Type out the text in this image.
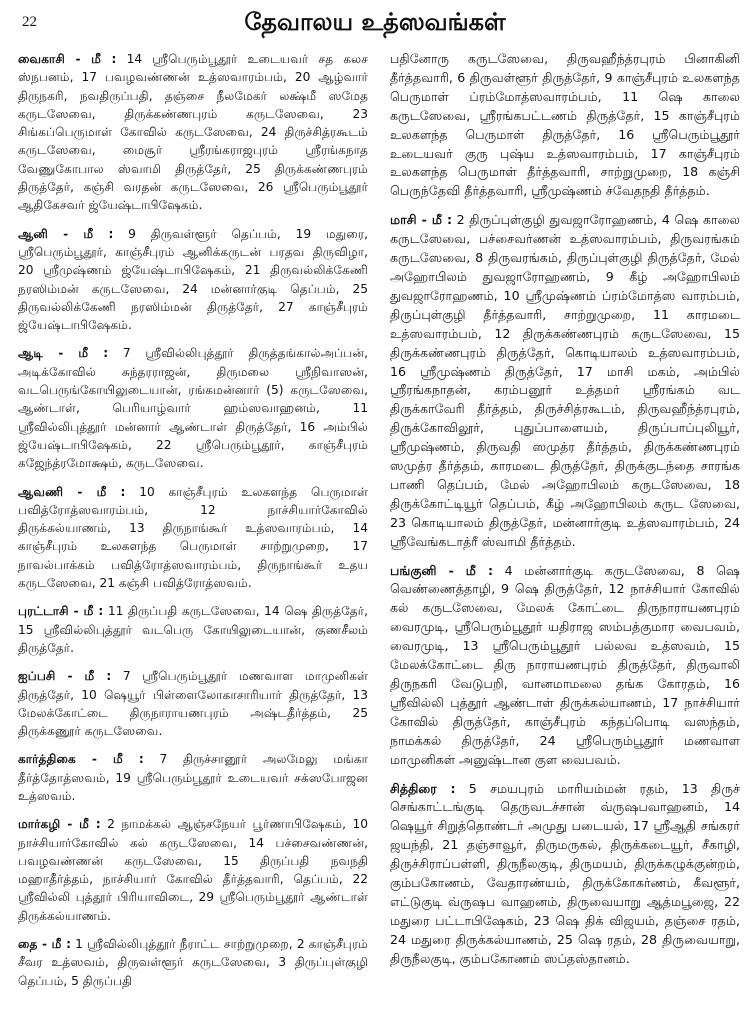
22	தேவாலய உத்ஸவங்கள்

வைகாசி - மீ : 14 ஸ்ரீபெரும்பூதூர் உடையவர் சத கலச ஸ்நபனம், 17 பவழவண்ணன் உத்ஸவாரம்பம், 20 ஆழ்வார் திருநகரி, நவதிருப்பதி, தஞ்சை நீலமேகர் லக்ஷ்மீ ஸமேத கருடஸேவை, திருக்கண்ணபுரம் கருடஸேவை, 23 சிங்கப்பெருமாள் கோவில் கருடஸேவை, 24 திருச்சித்ரகூடம் கருடஸேவை, மைசூர் ஸ்ரீரங்கராஜபுரம் ஸ்ரீரங்கநாத வேணுகோபால ஸ்வாமி திருத்தேர், 25 திருக்கண்ணபுரம் திருத்தேர், கஞ்சி வரதன் கருடஸேவை, 26 ஸ்ரீபெரும்பூதூர் ஆதிகேசவர் ஜ்யேஷ்டாபிஷேகம்.

ஆனி - மீ : 9 திருவள்ளூர் தெப்பம், 19 மதுரை, ஸ்ரீபெரும்பூதூர், காஞ்சீபுரம் ஆனிக்கருடன் பரதவ திருவிழா, 20 ஸ்ரீமுஷ்ணம் ஜ்யேஷ்டாபிஷேகம், 21 திருவல்லிக்கேணி நரஸிம்மன் கருடஸேவை, 24 மன்னார்குடி தெப்பம், 25 திருவல்லிக்கேணி நரஸிம்மன் திருத்தேர், 27 காஞ்சீபுரம் ஜ்யேஷ்டாபிஷேகம்.

ஆடி - மீ : 7 ஸ்ரீவில்லிபுத்தூர் திருத்தங்கால்அப்பன், அடிக்கோவில் சுந்தரராஜன், திருமலை ஸ்ரீநிவாஸன், வடபெருங்கோயிலுடையான், ரங்கமன்னார் (5) கருடஸேவை, ஆண்டாள், பெரியாழ்வார் ஹம்ஸவாஹனம், 11 ஸ்ரீவில்லிபுத்தூர் மன்னார் ஆண்டாள் திருத்தேர், 16 அம்பில் ஜ்யேஷ்டாபிஷேகம், 22 ஸ்ரீபெரும்பூதூர், காஞ்சீபுரம் கஜேந்த்ரமோக்ஷம், கருடஸேவை.

ஆவணி - மீ : 10 காஞ்சீபுரம் உலகளந்த பெருமாள் பவித்ரோத்ஸவாரம்பம், 12 நாச்சியார்கோவில் திருக்கல்யாணம், 13 திருநாங்கூர் உத்ஸவாரம்பம், 14 காஞ்சீபுரம் உலகளந்த பெருமாள் சாற்றுமுறை, 17 நாவல்பாக்கம் பவித்ரோத்ஸவாரம்பம், திருநாங்கூர் உதய கருடஸேவை, 21 கஞ்சி பவித்ரோத்ஸவம்.

புரட்டாசி - மீ : 11 திருப்பதி கருடஸேவை, 14 ஷெ திருத்தேர், 15 ஸ்ரீவில்லிபுத்தூர் வடபெரு கோயிலுடையான், குணசீலம் திருத்தேர்.

ஐப்பசி - மீ : 7 ஸ்ரீபெரும்பூதூர் மணவாள மாமுனிகள் திருத்தேர், 10 ஷெயூர் பிள்ளைலோகாசாரியார் திருத்தேர், 13 மேலக்கோட்டை திருநாராயணபுரம் அஷ்டதீர்த்தம், 25 திருக்கணூர் கருடஸேவை.

கார்த்திகை - மீ : 7 திருச்சானூர் அலமேலு மங்கா தீர்த்தோத்ஸவம், 19 ஸ்ரீபெரும்பூதூர் உடையவர் சக்ஸபோஜன உத்ஸவம்.

மார்கழி - மீ : 2 நாமக்கல் ஆஞ்சநேயர் பூர்ணாபிஷேகம், 10 நாச்சியார்கோவில் கல் கருடஸேவை, 14 பச்சைவண்ணன், பவழவண்ணன் கருடஸேவை, 15 திருப்பதி நவநதி மஹாதீர்த்தம், நாச்சியார் கோவில் தீர்த்தவாரி, தெப்பம், 22 ஸ்ரீவில்லி புத்தூர் பிரியாவிடை, 29 ஸ்ரீபெரும்பூதூர் ஆண்டாள் திருக்கல்யாணம்.

தை - மீ : 1 ஸ்ரீவில்லிபுத்தூர் நீராட்ட சாற்றுமுறை, 2 காஞ்சீபுரம் சீவர உத்ஸவம், திருவள்ளூர் கருடஸேவை, 3 திருப்புள்குழி தெப்பம், 5 திருப்பதி

பதினோரு கருடஸேவை, திருவஹீந்த்ரபுரம் பினாகினி தீர்த்தவாரி, 6 திருவள்ளூர் திருத்தேர், 9 காஞ்சீபுரம் உலகளந்த பெருமாள் ப்ரம்மோத்ஸவாரம்பம், 11 ஷெ காலை கருடஸேவை, ஸ்ரீரங்கபட்டணம் திருத்தேர், 15 காஞ்சீபுரம் உலகளந்த பெருமாள் திருத்தேர், 16 ஸ்ரீபெரும்பூதூர் உடையவர் குரு புஷ்ய உத்ஸவாரம்பம், 17 காஞ்சீபுரம் உலகளந்த பெருமாள் தீர்த்தவாரி, சாற்றுமுறை, 18 கஞ்சி பெருந்தேவி தீர்த்தவாரி, ஸ்ரீமுஷ்ணம் ச்வேதநதி தீர்த்தம்.

மாசி - மீ : 2 திருப்புள்குழி துவஜாரோஹணம், 4 ஷெ காலை கருடஸேவை, பச்சைவர்ணன் உத்ஸவாரம்பம், திருவரங்கம் கருடஸேவை, 8 திருவரங்கம், திருப்புள்குழி திருத்தேர், மேல் அஹோபிலம் துவஜாரோஹணம், 9 கீழ் அஹோபிலம் துவஜாரோஹணம், 10 ஸ்ரீமுஷ்ணம் ப்ரம்மோத்ஸ வாரம்பம், திருப்புள்குழி தீர்த்தவாரி, சாற்றுமுறை, 11 காரமடை உத்ஸவாரம்பம், 12 திருக்கண்ணபுரம் கருடஸேவை, 15 திருக்கண்ணபுரம் திருத்தேர், கொடியாலம் உத்ஸவாரம்பம், 16 ஸ்ரீமுஷ்ணம் திருத்தேர், 17 மாசி மகம், அம்பில் ஸ்ரீரங்கநாதன், கரம்பனூர் உத்தமர் ஸ்ரீரங்கம் வட திருக்காவேரி தீர்த்தம், திருச்சித்ரகூடம், திருவஹீந்த்ரபுரம், திருக்கோவிலூர், புதுப்பாளையம், திருப்பாப்புலியூர், ஸ்ரீமுஷ்ணம், திருவதி ஸமுத்ர தீர்த்தம், திருக்கண்ணபுரம் ஸமுத்ர தீர்த்தம், காரமடை திருத்தேர், திருக்குடந்தை சாரங்க பாணி தெப்பம், மேல் அஹோபிலம் கருடஸேவை, 18 திருக்கோட்டியூர் தெப்பம், கீழ் அஹோபிலம் கருட ஸேவை, 23 கொடியாலம் திருத்தேர், மன்னார்குடி உத்ஸவாரம்பம், 24 ஸ்ரீவேங்கடாத்ரீ ஸ்வாமி தீர்த்தம்.

பங்குனி - மீ : 4 மன்னார்குடி கருடஸேவை, 8 ஷெ வெண்ணைத்தாழி, 9 ஷெ திருத்தேர், 12 நாச்சியார் கோவில் கல் கருடஸேவை, மேலக் கோட்டை திருநாராயணபுரம் வைரமுடி, ஸ்ரீபெரும்பூதூர் யதிராஜ ஸம்பத்குமார வைபவம், வைரமுடி, 13 ஸ்ரீபெரும்பூதூர் பல்லவ உத்ஸவம், 15 மேலக்கோட்டை திரு நாராயணபுரம் திருத்தேர், திருவாலி திருநகரி வேடுபறி, வானமாமலை தங்க கோரதம், 16 ஸ்ரீவில்லி புத்தூர் ஆண்டாள் திருக்கல்யாணம், 17 நாச்சியார் கோவில் திருத்தேர், காஞ்சீபுரம் கந்தப்பொடி வஸந்தம், நாமக்கல் திருத்தேர், 24 ஸ்ரீபெரும்பூதூர் மணவாள மாமுனிகள் அனுஷ்டான குள வைபவம்.

சித்திரை : 5 சமயபுரம் மாரியம்மன் ரதம், 13 திருச் செங்காட்டங்குடி தெருவடச்சான் வ்ருஷபவாஹனம், 14 ஷெயூர் சிறுத்தொண்டர் அமுது படையல், 17 ஸ்ரீஆதி சங்கரர் ஜயந்தி, 21 தஞ்சாவூர், திருமருகல், திருக்கடையூர், சீகாழி, திருச்சிராப்பள்ளி, திருநீலகுடி, திருமயம், திருக்கழுக்குன்றம், கும்பகோணம், வேதாரண்யம், திருக்கோகர்ணம், கீவளூர், எட்டுகுடி வ்ருஷப வாஹனம், திருவையாறு ஆத்மபூஜை, 22 மதுரை பட்டாபிஷேகம், 23 ஷெ திக் விஜயம், தஞ்சை ரதம், 24 மதுரை திருக்கல்யாணம், 25 ஷெ ரதம், 28 திருவையாறு, திருநீலகுடி, கும்பகோணம் ஸப்தஸ்தானம்.
